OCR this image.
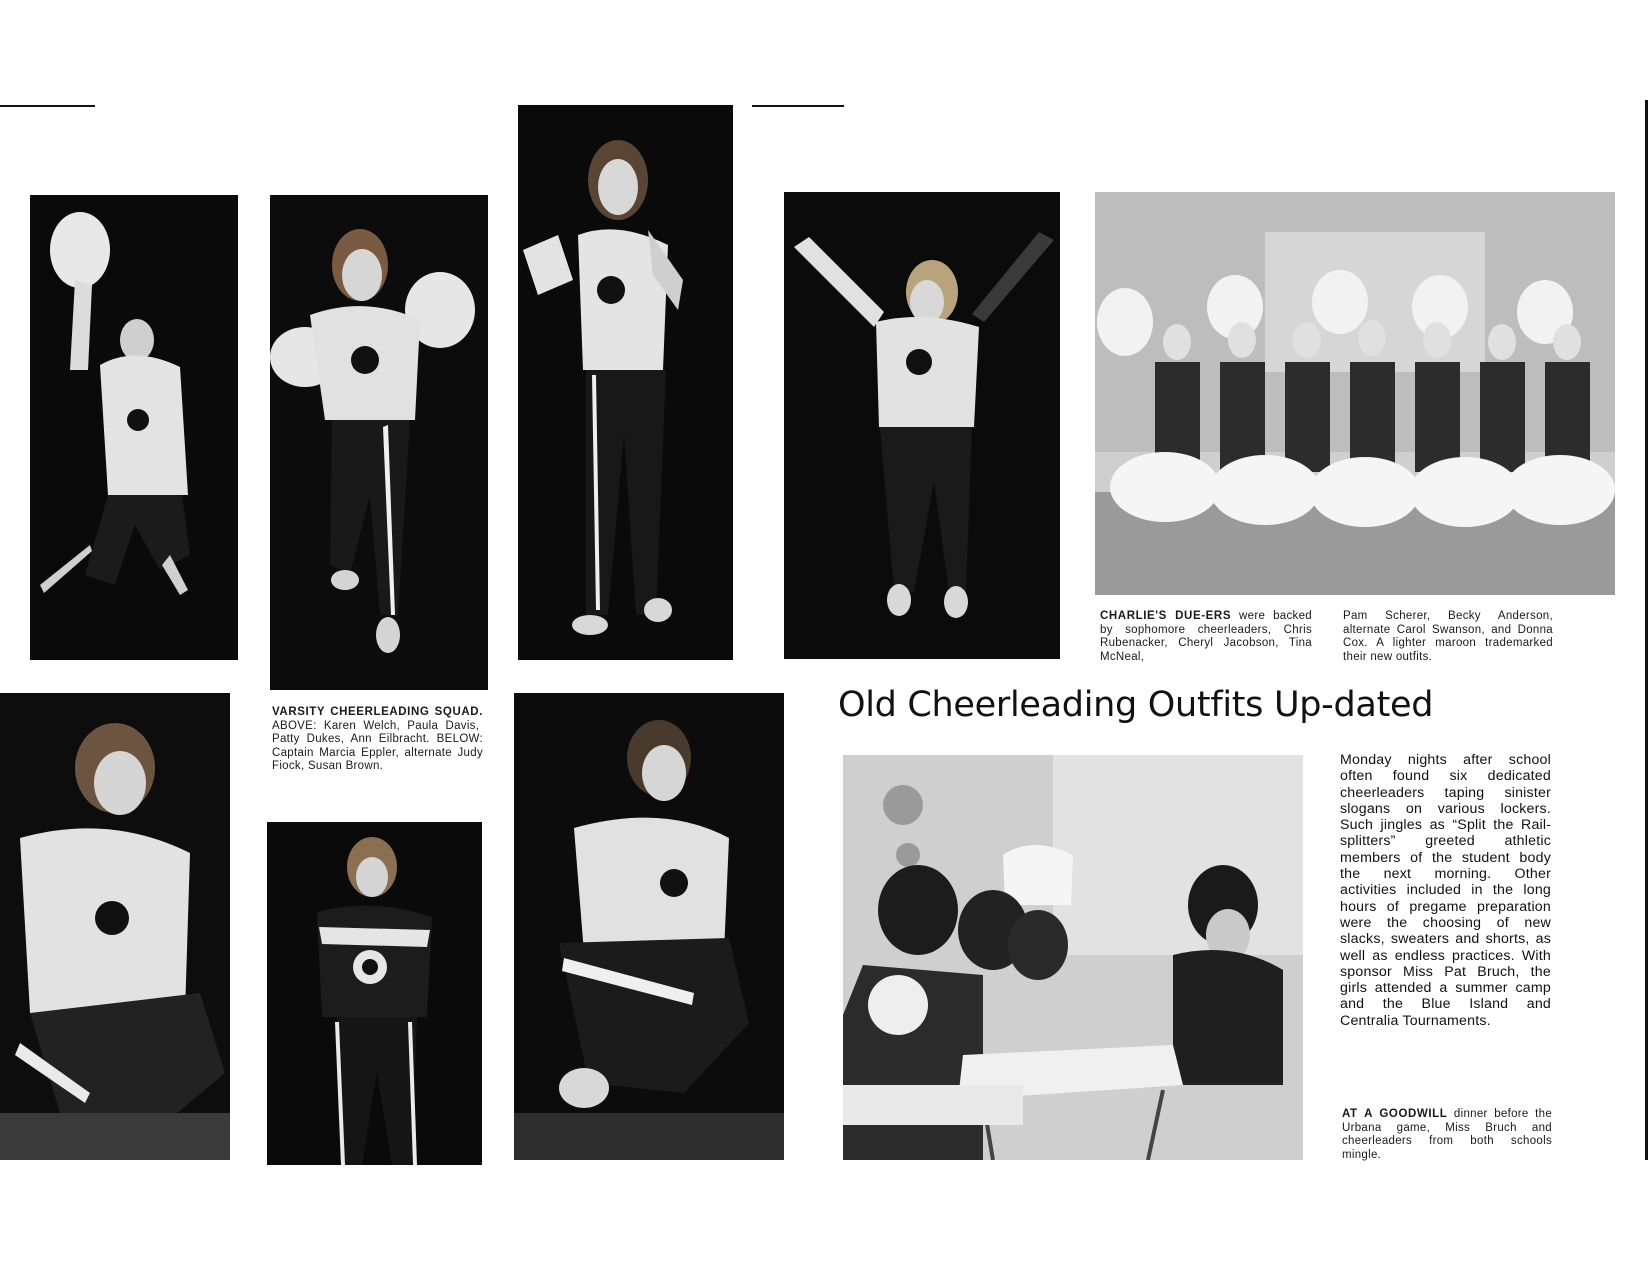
CHARLIE'S DUE-ERS were backed by sophomore cheerleaders, Chris Rubenacker, Cheryl Jacobson, Tina McNeal,
Pam Scherer, Becky Anderson, alternate Carol Swanson, and Donna Cox. A lighter maroon trademarked their new outfits.
VARSITY CHEERLEADING SQUAD. ABOVE: Karen Welch, Paula Davis, Patty Dukes, Ann Eilbracht. BELOW: Captain Marcia Eppler, alternate Judy Fiock, Susan Brown.
Old Cheerleading Outfits Up-dated
Monday nights after school often found six dedicated cheerleaders taping sinister slogans on various lockers. Such jingles as “Split the Railsplitters” greeted athletic members of the student body the next morning. Other activities included in the long hours of pregame preparation were the choosing of new slacks, sweaters and shorts, as well as endless practices. With sponsor Miss Pat Bruch, the girls attended a summer camp and the Blue Island and Centralia Tournaments.
AT A GOODWILL dinner before the Urbana game, Miss Bruch and cheerleaders from both schools mingle.
